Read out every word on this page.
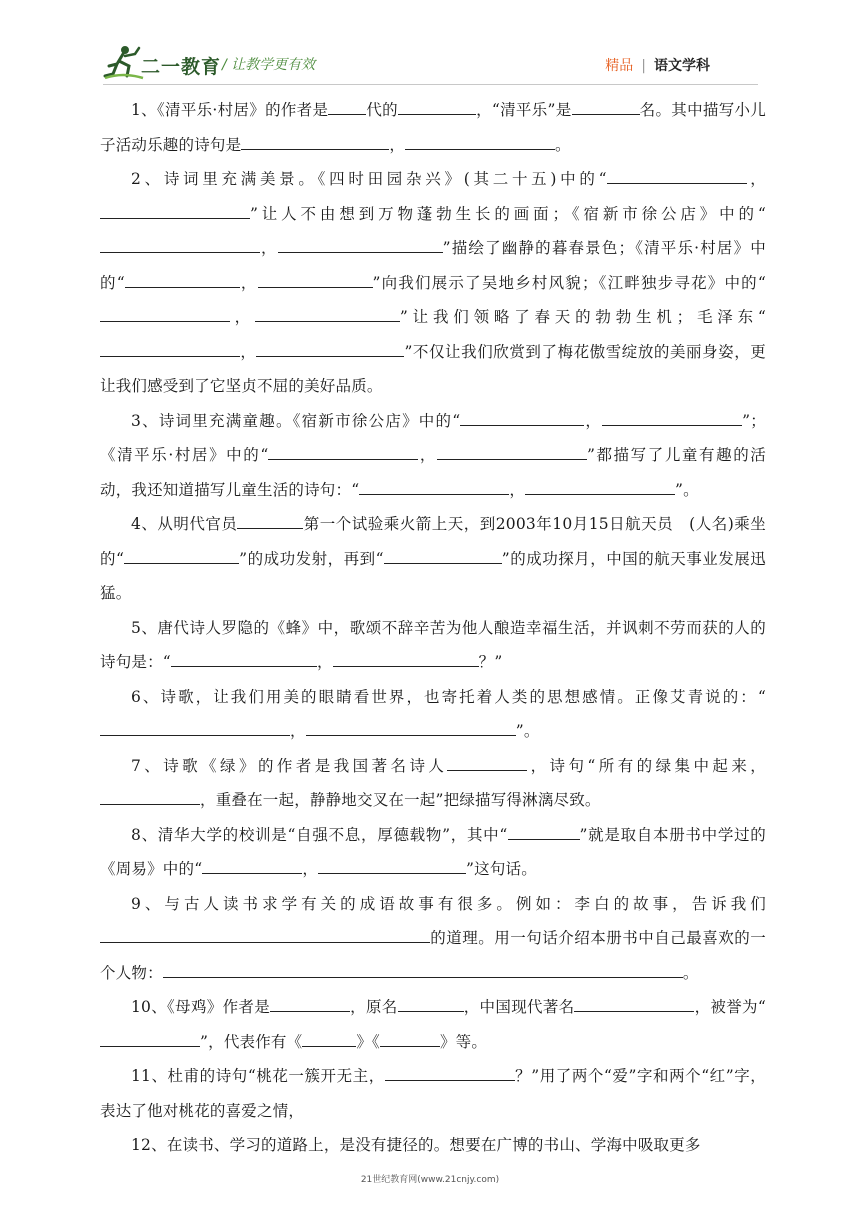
二一教育 / 让教学更有效	精品 | 语文学科

1、《清平乐·村居》的作者是 代的	，“清平乐”是	名。其中描写小儿子活动乐趣的诗句是	，	。

2、诗词里充满美景。《四时田园杂兴》(其二十五)中的“	，”让人不由想到万物蓬勃生长的画面；《宿新市徐公店》中的“，	”描绘了幽静的暮春景色；《清平乐·村居》中的“	，	”向我们展示了吴地乡村风貌；《江畔独步寻花》中的“，	”让我们领略了春天的勃勃生机；毛泽东“，	”不仅让我们欣赏到了梅花傲雪绽放的美丽身姿，更让我们感受到了它坚贞不屈的美好品质。

3、诗词里充满童趣。《宿新市徐公店》中的“	，	”；《清平乐·村居》中的“	，	”都描写了儿童有趣的活动，我还知道描写儿童生活的诗句：“	，	”。

4、从明代官员	第一个试验乘火箭上天，到2003年10月15日航天员　(人名)乘坐的“	”的成功发射，再到“	”的成功探月，中国的航天事业发展迅猛。

5、唐代诗人罗隐的《蜂》中，歌颂不辞辛苦为他人酿造幸福生活，并讽刺不劳而获的人的诗句是：“	，	？”

6、诗歌，让我们用美的眼睛看世界，也寄托着人类的思想感情。正像艾青说的：“，	”。

7、诗歌《绿》的作者是我国著名诗人	，诗句“所有的绿集中起来，，重叠在一起，静静地交叉在一起”把绿描写得淋漓尽致。

8、清华大学的校训是“自强不息，厚德载物”，其中“	”就是取自本册书中学过的《周易》中的“	，	”这句话。

9、与古人读书求学有关的成语故事有很多。例如：李白的故事，告诉我们的道理。用一句话介绍本册书中自己最喜欢的一个人物：	。

10、《母鸡》作者是	，原名	，中国现代著名	，被誉为“”，代表作有《	》《	》等。

11、杜甫的诗句“桃花一簇开无主，	？”用了两个“爱”字和两个“红”字，表达了他对桃花的喜爱之情，

12、在读书、学习的道路上，是没有捷径的。想要在广博的书山、学海中吸取更多

21世纪教育网(www.21cnjy.com)
